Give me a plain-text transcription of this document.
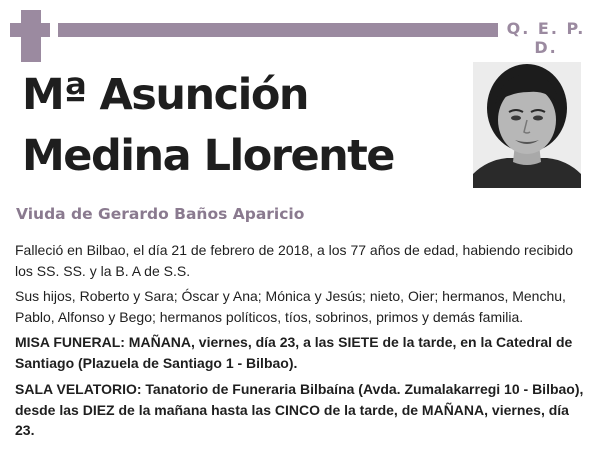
Q. E. P. D.
Mª Asunción
Medina Llorente
Viuda de Gerardo Baños Aparicio
Falleció en Bilbao, el día 21 de febrero de 2018, a los 77 años de edad, habiendo recibido los SS. SS. y la B. A de S.S.
Sus hijos, Roberto y Sara; Óscar y Ana; Mónica y Jesús; nieto, Oier; hermanos, Menchu, Pablo, Alfonso y Bego; hermanos políticos, tíos, sobrinos, primos y demás familia.
MISA FUNERAL: MAÑANA, viernes, día 23, a las SIETE de la tarde, en la Catedral de Santiago (Plazuela de Santiago 1 - Bilbao).
SALA VELATORIO: Tanatorio de Funeraria Bilbaína (Avda. Zumalakarregi 10 - Bilbao), desde las DIEZ de la mañana hasta las CINCO de la tarde, de MAÑANA, viernes, día 23.
